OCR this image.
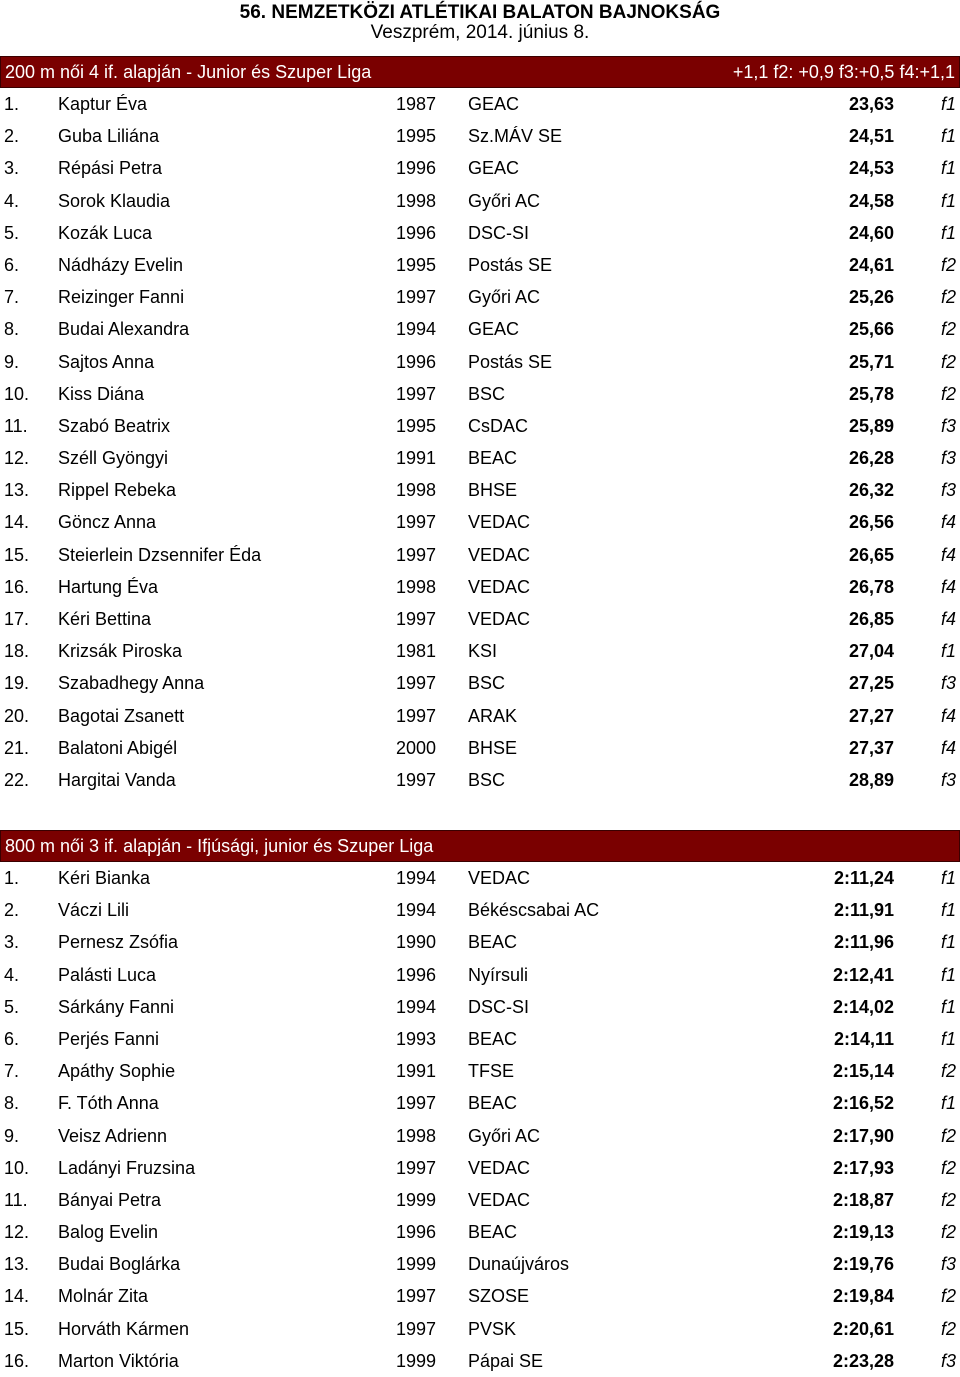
56. NEMZETKÖZI ATLÉTIKAI BALATON BAJNOKSÁG
Veszprém, 2014. június 8.
200 m női 4 if. alapján - Junior és Szuper Liga	+1,1 f2: +0,9 f3:+0,5 f4:+1,1
1. Kaptur Éva	1987 GEAC	23,63	f1
2. Guba Liliána	1995 Sz.MÁV SE	24,51	f1
3. Répási Petra	1996 GEAC	24,53	f1
4. Sorok Klaudia	1998 Győri AC	24,58	f1
5. Kozák Luca	1996 DSC-SI	24,60	f1
6. Nádházy Evelin	1995 Postás SE	24,61	f2
7. Reizinger Fanni	1997 Győri AC	25,26	f2
8. Budai Alexandra	1994 GEAC	25,66	f2
9. Sajtos Anna	1996 Postás SE	25,71	f2
10. Kiss Diána	1997 BSC	25,78	f2
11. Szabó Beatrix	1995 CsDAC	25,89	f3
12. Széll Gyöngyi	1991 BEAC	26,28	f3
13. Rippel Rebeka	1998 BHSE	26,32	f3
14. Göncz Anna	1997 VEDAC	26,56	f4
15. Steierlein Dzsennifer Éda	1997 VEDAC	26,65	f4
16. Hartung Éva	1998 VEDAC	26,78	f4
17. Kéri Bettina	1997 VEDAC	26,85	f4
18. Krizsák Piroska	1981 KSI	27,04	f1
19. Szabadhegy Anna	1997 BSC	27,25	f3
20. Bagotai Zsanett	1997 ARAK	27,27	f4
21. Balatoni Abigél	2000 BHSE	27,37	f4
22. Hargitai Vanda	1997 BSC	28,89	f3
800 m női 3 if. alapján - Ifjúsági, junior és Szuper Liga
1. Kéri Bianka	1994 VEDAC	2:11,24	f1
2. Váczi Lili	1994 Békéscsabai AC	2:11,91	f1
3. Pernesz Zsófia	1990 BEAC	2:11,96	f1
4. Palásti Luca	1996 Nyírsuli	2:12,41	f1
5. Sárkány Fanni	1994 DSC-SI	2:14,02	f1
6. Perjés Fanni	1993 BEAC	2:14,11	f1
7. Apáthy Sophie	1991 TFSE	2:15,14	f2
8. F. Tóth Anna	1997 BEAC	2:16,52	f1
9. Veisz Adrienn	1998 Győri AC	2:17,90	f2
10. Ladányi Fruzsina	1997 VEDAC	2:17,93	f2
11. Bányai Petra	1999 VEDAC	2:18,87	f2
12. Balog Evelin	1996 BEAC	2:19,13	f2
13. Budai Boglárka	1999 Dunaújváros	2:19,76	f3
14. Molnár Zita	1997 SZOSE	2:19,84	f2
15. Horváth Kármen	1997 PVSK	2:20,61	f2
16. Marton Viktória	1999 Pápai SE	2:23,28	f3
